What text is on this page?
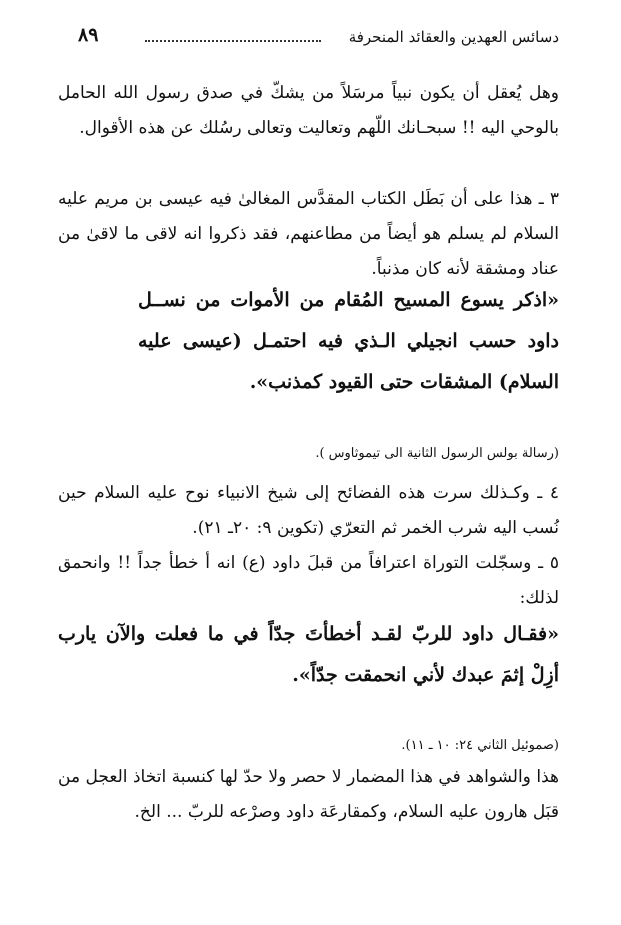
دسائس العهدين والعقائد المنحرفة
٨٩
وهل يُعقل أن يكون نبياً مرسَلاً من يشكّ في صدق رسول الله الحامل بالوحي اليه !! سبحـانك اللّهم وتعاليت وتعالى رسُلك عن هذه الأقوال.
٣ ـ هذا على أن بَطَل الكتاب المقدَّس المغالىٰ فيه عيسى بن مريم عليه السلام لم يسلم هو أيضاً من مطاعنهم، فقد ذكروا انه لاقى ما لاقىٰ من عناد ومشقة لأنه كان مذنباً.
«اذكر يسوع المسيح المُقام من الأموات من نســل داود حسب انجيلي الـذي فيه احتمـل (عيسى عليه السلام) المشقات حتى القيود كمذنب».
(رسالة بولس الرسول الثانية الى تيموثاوس ).
٤ ـ وكـذلك سرت هذه الفضائح إلى شيخ الانبياء نوح عليه السلام حين نُسب اليه شرب الخمر ثم التعرّي (تكوين ٩: ٢٠ـ ٢١).
٥ ـ وسجّلت التوراة اعترافاً من قبلَ داود (ع) انه أ خطأ جداً !! وانحمق لذلك:
«فقـال داود للربّ لقـد أخطأتَ جدّاً في ما فعلت والآن يارب أزِلْ إثمَ عبدك لأني انحمقت جدّاً».
(صموئيل الثاني ٢٤: ١٠ ـ ١١).
هذا والشواهد في هذا المضمار لا حصر ولا حدّ لها كنسبة اتخاذ العجل من قبَل هارون عليه السلام، وكمقارعَة داود وصرْعه للربّ ... الخ.
